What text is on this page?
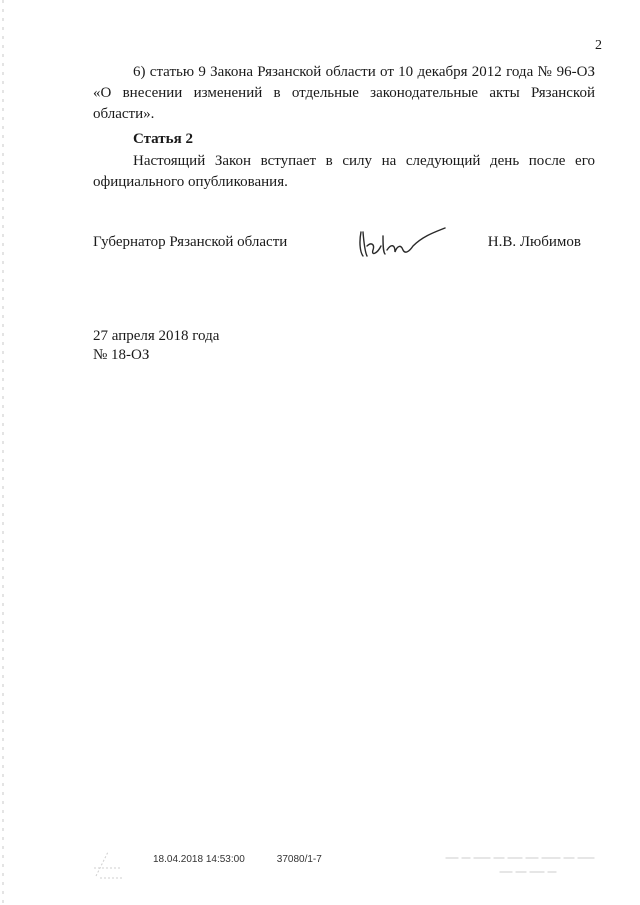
2
6) статью 9 Закона Рязанской области от 10 декабря 2012 года № 96-ОЗ «О внесении изменений в отдельные законодательные акты Рязанской области».
Статья 2
Настоящий Закон вступает в силу на следующий день после его официального опубликования.
Губернатор Рязанской области	Н.В. Любимов
27 апреля 2018 года
№ 18-ОЗ
18.04.2018 14:53:00	37080/1-7
